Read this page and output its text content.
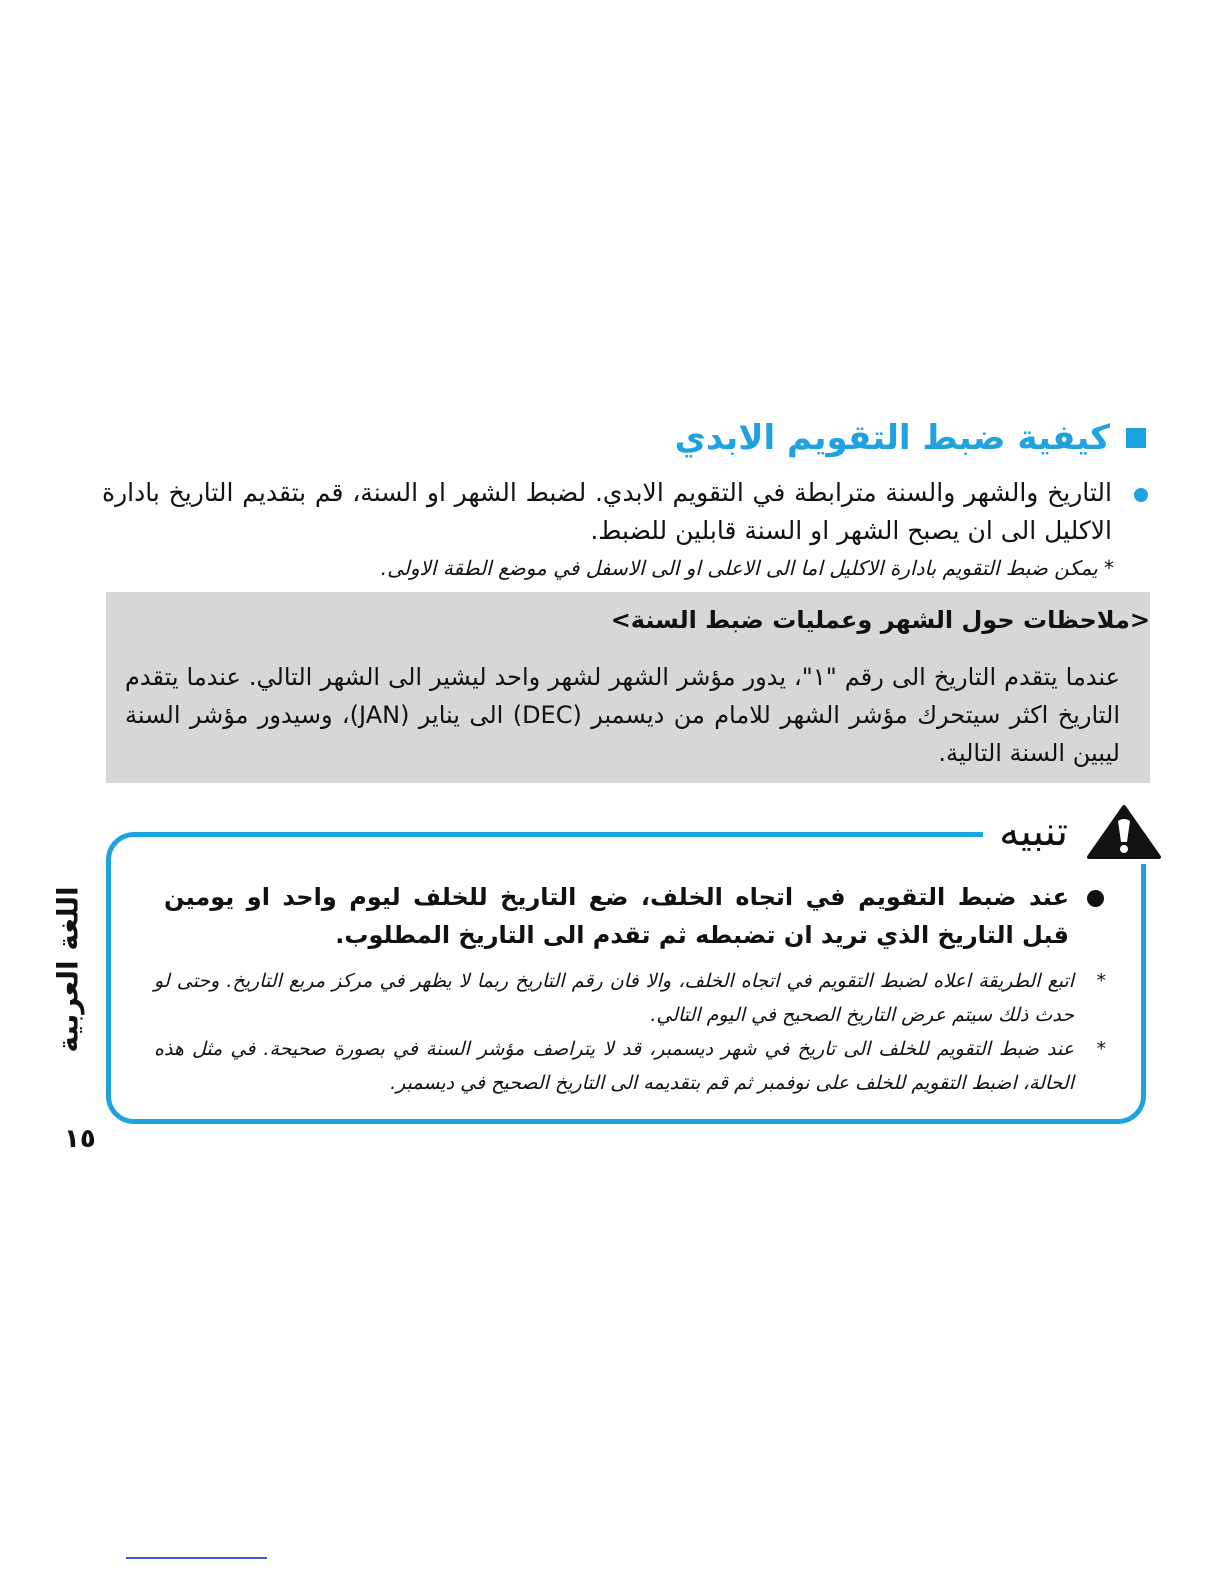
كيفية ضبط التقويم الابدي
التاريخ والشهر والسنة مترابطة في التقويم الابدي. لضبط الشهر او السنة، قم بتقديم التاريخ بادارة الاكليل الى ان يصبح الشهر او السنة قابلين للضبط.
* يمكن ضبط التقويم بادارة الاكليل اما الى الاعلى او الى الاسفل في موضع الطقة الاولى.
<ملاحظات حول الشهر وعمليات ضبط السنة>
عندما يتقدم التاريخ الى رقم "١"، يدور مؤشر الشهر لشهر واحد ليشير الى الشهر التالي. عندما يتقدم التاريخ اكثر سيتحرك مؤشر الشهر للامام من ديسمبر (DEC) الى يناير (JAN)، وسيدور مؤشر السنة ليبين السنة التالية.
تنبيه
عند ضبط التقويم في اتجاه الخلف، ضع التاريخ للخلف ليوم واحد او يومين قبل التاريخ الذي تريد ان تضبطه ثم تقدم الى التاريخ المطلوب.
*
اتبع الطريقة اعلاه لضبط التقويم في اتجاه الخلف، والا فان رقم التاريخ ربما لا يظهر في مركز مربع التاريخ. وحتى لو حدث ذلك سيتم عرض التاريخ الصحيح في اليوم التالي.
*
عند ضبط التقويم للخلف الى تاريخ في شهر ديسمبر، قد لا يتراصف مؤشر السنة في بصورة صحيحة. في مثل هذه الحالة، اضبط التقويم للخلف على نوفمبر ثم قم بتقديمه الى التاريخ الصحيح في ديسمبر.
اللغة العربية
١٥
